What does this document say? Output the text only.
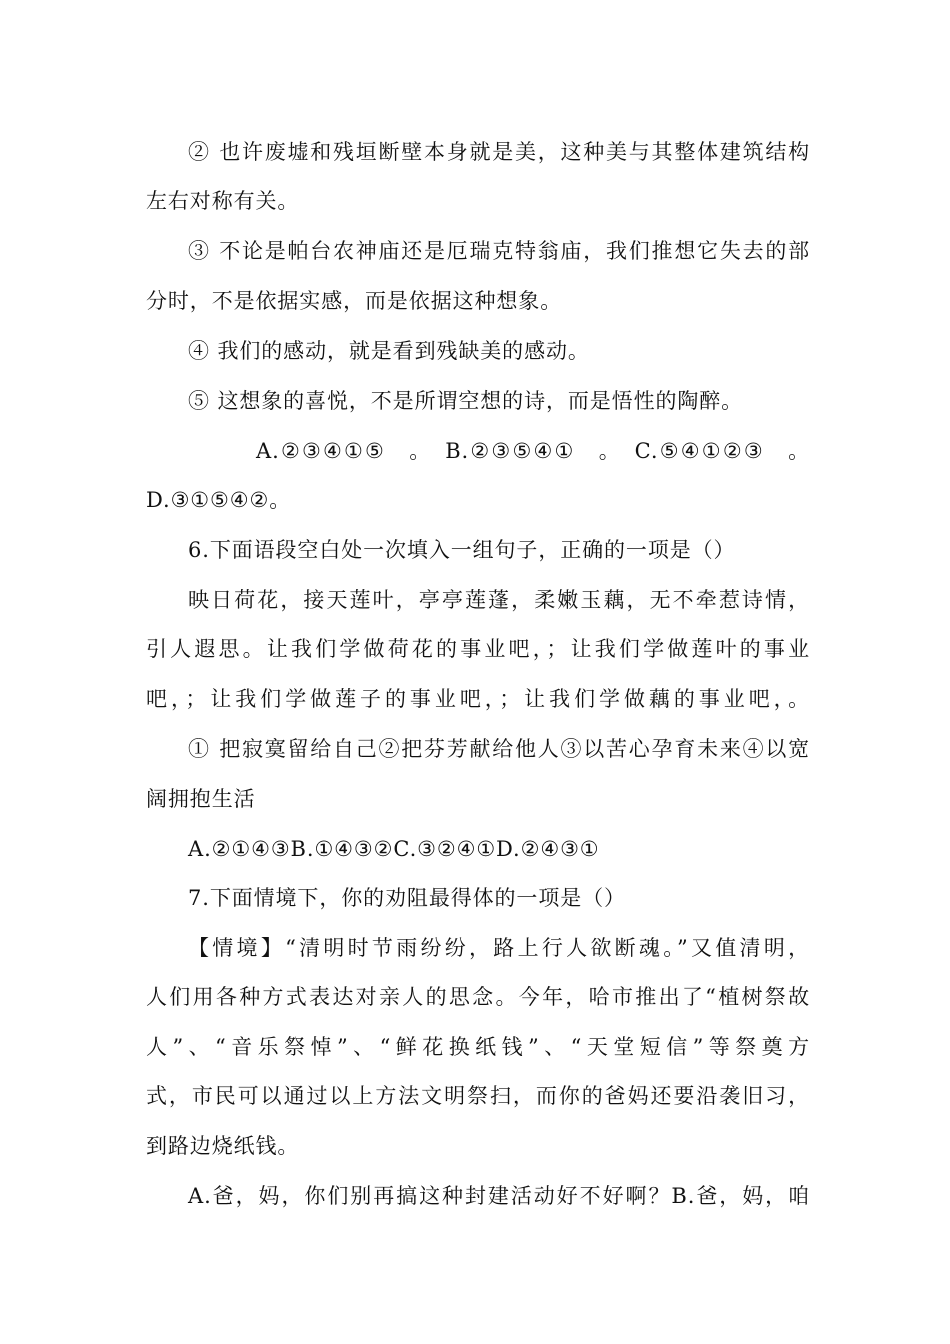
② 也许废墟和残垣断壁本身就是美，这种美与其整体建筑结构
左右对称有关。
③ 不论是帕台农神庙还是厄瑞克特翁庙，我们推想它失去的部
分时，不是依据实感，而是依据这种想象。
④ 我们的感动，就是看到残缺美的感动。
⑤ 这想象的喜悦，不是所谓空想的诗，而是悟性的陶醉。
A.②③④①⑤　。　B.②③⑤④①　。　C.⑤④①②③　。
D.③①⑤④②。
6.下面语段空白处一次填入一组句子，正确的一项是（）
映日荷花，接天莲叶，亭亭莲蓬，柔嫩玉藕，无不牵惹诗情，
引人遐思。让我们学做荷花的事业吧，；让我们学做莲叶的事业
吧，；让我们学做莲子的事业吧，；让我们学做藕的事业吧，。
① 把寂寞留给自己②把芬芳献给他人③以苦心孕育未来④以宽
阔拥抱生活
A.②①④③B.①④③②C.③②④①D.②④③①
7.下面情境下，你的劝阻最得体的一项是（）
【情境】“清明时节雨纷纷，路上行人欲断魂。”又值清明，
人们用各种方式表达对亲人的思念。今年，哈市推出了“植树祭故
人”、“音乐祭悼”、“鲜花换纸钱”、“天堂短信”等祭奠方
式，市民可以通过以上方法文明祭扫，而你的爸妈还要沿袭旧习，
到路边烧纸钱。
A.爸，妈，你们别再搞这种封建活动好不好啊？B.爸，妈，咱
